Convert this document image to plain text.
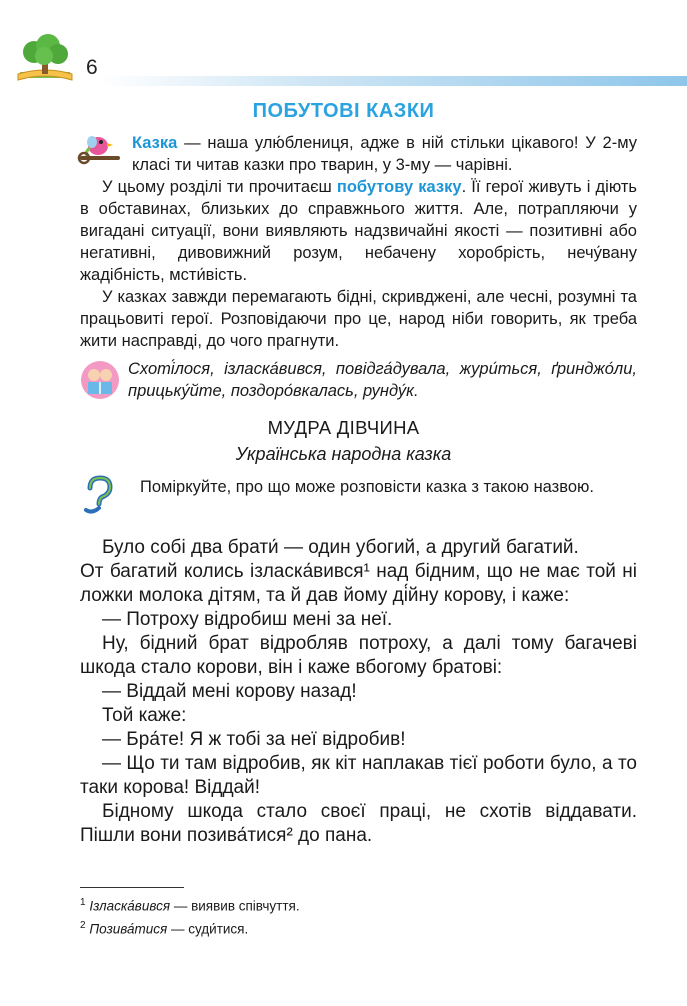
6
ПОБУТОВІ КАЗКИ

Казка — наша улю́блениця, адже в ній стільки цікавого! У 2-му класі ти читав казки про тварин, у 3-му — чарівні.

У цьому розділі ти прочитаєш побутову казку. Її герої живуть і діють в обставинах, близьких до справжнього життя. Але, потрапляючи у вигадані ситуації, вони виявляють надзвичайні якості — позитивні або негативні, дивовижний розум, небачену хоробрість, нечу́вану жадібність, мсти́вість.

У казках завжди перемагають бідні, скривджені, але чесні, розумні та працьовиті герої. Розповідаючи про це, народ ніби говорить, як треба жити насправді, до чого прагнути.

Схоті́лося, ізласка́вився, повідга́дувала, жури́ться, ґринджо́ли, прицьку́йте, поздоро́вкалась, рунду́к.

МУДРА ДІВЧИНА
Українська народна казка

Поміркуйте, про що може розповісти казка з такою назвою.

Було собі два брати́ — один убогий, а другий багатий.

От багатий колись ізласка́вився¹ над бідним, що не має той ні ложки молока дітям, та й дав йому ді́йну корову, і каже:

— Потроху відробиш мені за неї.

Ну, бідний брат відробляв потроху, а далі тому багачеві шкода стало корови, він і каже вбогому братові:

— Віддай мені корову назад!

Той каже:

— Бра́те! Я ж тобі за неї відробив!

— Що ти там відробив, як кіт наплакав тієї роботи було, а то таки корова! Віддай!

Бідному шкода стало своєї праці, не схотів віддавати. Пішли вони позива́тися² до пана.

$^1$ Ізласка́вився — виявив співчуття.
$^2$ Позива́тися — суди́тися.
